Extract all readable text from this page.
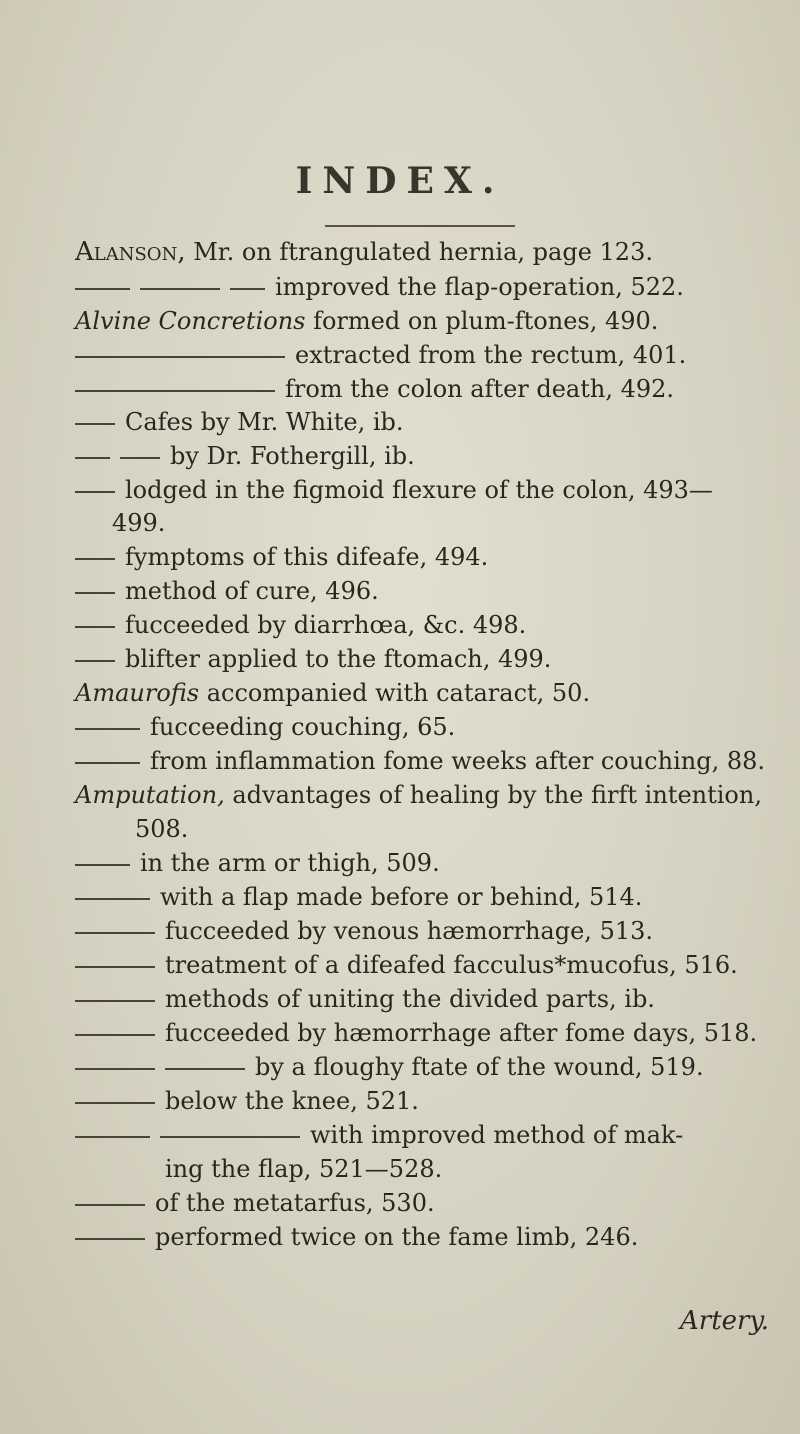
INDEX.
Alanson, Mr. on ftrangulated hernia, page 123.
improved the flap-operation, 522.
Alvine Concretions formed on plum-ftones, 490.
extracted from the rectum, 401.
from the colon after death, 492.
Cafes by Mr. White, ib.
by Dr. Fothergill, ib.
lodged in the figmoid flexure of the colon, 493—
499.
fymptoms of this difeafe, 494.
method of cure, 496.
fucceeded by diarrhœa, &c. 498.
blifter applied to the ftomach, 499.
Amaurofis accompanied with cataract, 50.
fucceeding couching, 65.
from inflammation fome weeks after couching, 88.
Amputation, advantages of healing by the firft intention,
508.
in the arm or thigh, 509.
with a flap made before or behind, 514.
fucceeded by venous hæmorrhage, 513.
treatment of a difeafed facculus*mucofus, 516.
methods of uniting the divided parts, ib.
fucceeded by hæmorrhage after fome days, 518.
by a floughy ftate of the wound, 519.
below the knee, 521.
with improved method of mak-
ing the flap, 521—528.
of the metatarfus, 530.
performed twice on the fame limb, 246.
Artery.
